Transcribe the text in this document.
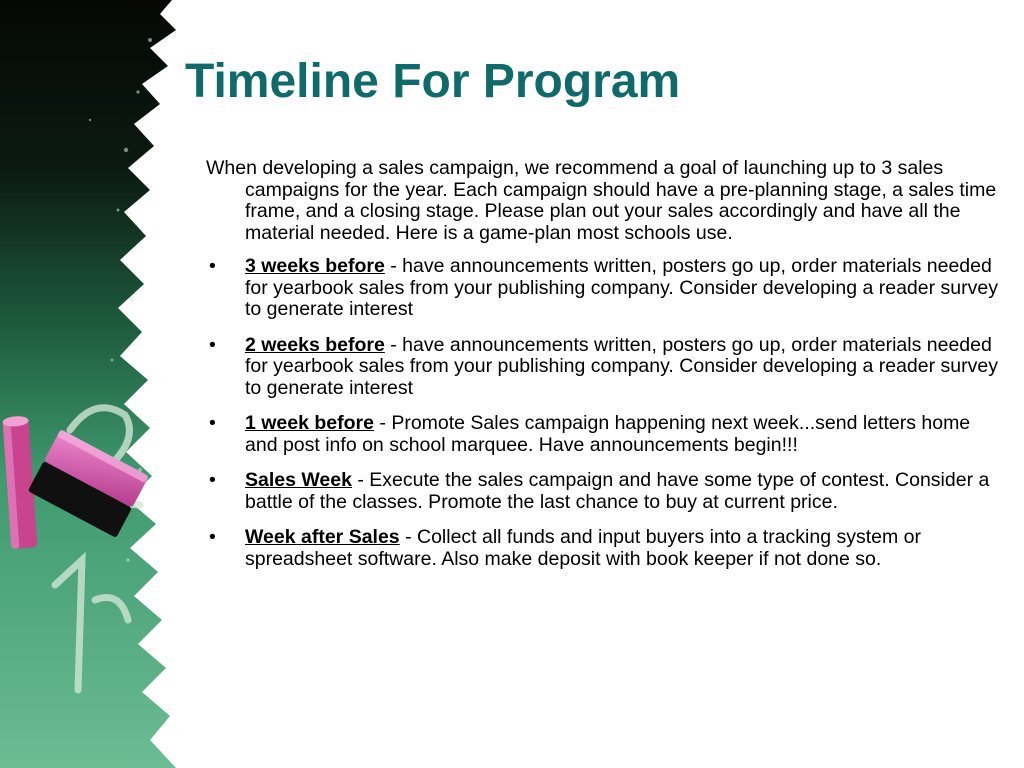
Timeline For Program

When developing a sales campaign, we recommend a goal of launching up to 3 sales campaigns for the year. Each campaign should have a pre-planning stage, a sales time frame, and a closing stage. Please plan out your sales accordingly and have all the material needed. Here is a game-plan most schools use.

• 3 weeks before - have announcements written, posters go up, order materials needed for yearbook sales from your publishing company. Consider developing a reader survey to generate interest
• 2 weeks before - have announcements written, posters go up, order materials needed for yearbook sales from your publishing company. Consider developing a reader survey to generate interest
• 1 week before - Promote Sales campaign happening next week...send letters home and post info on school marquee. Have announcements begin!!!
• Sales Week - Execute the sales campaign and have some type of contest. Consider a battle of the classes. Promote the last chance to buy at current price.
• Week after Sales - Collect all funds and input buyers into a tracking system or spreadsheet software. Also make deposit with book keeper if not done so.
